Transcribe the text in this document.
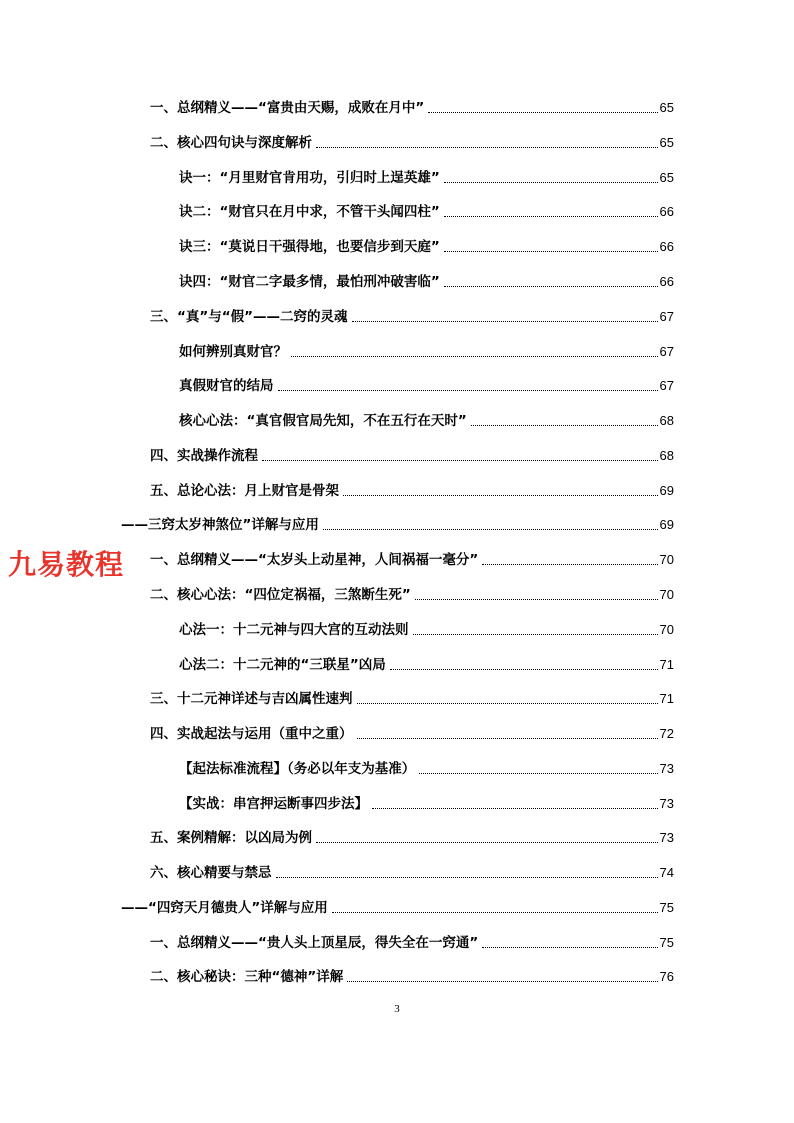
一、总纲精义——“富贵由天赐，成败在月中”	65
二、核心四句诀与深度解析	65
诀一：“月里财官肯用功，引归时上逞英雄”	65
诀二：“财官只在月中求，不管干头闻四柱”	66
诀三：“莫说日干强得地，也要信步到天庭”	66
诀四：“财官二字最多情，最怕刑冲破害临”	66
三、“真”与“假”——二窍的灵魂	67
如何辨别真财官？	67
真假财官的结局	67
核心心法：“真官假官局先知，不在五行在天时”	68
四、实战操作流程	68
五、总论心法：月上财官是骨架	69
——三窍太岁神煞位”详解与应用	69
一、总纲精义——“太岁头上动星神，人间祸福一毫分”	70
二、核心心法：“四位定祸福，三煞断生死”	70
心法一：十二元神与四大宫的互动法则	70
心法二：十二元神的“三联星”凶局	71
三、十二元神详述与吉凶属性速判	71
四、实战起法与运用（重中之重）	72
【起法标准流程】（务必以年支为基准）	73
【实战：串宫押运断事四步法】	73
五、案例精解：以凶局为例	73
六、核心精要与禁忌	74
——“四窍天月德贵人”详解与应用	75
一、总纲精义——“贵人头上顶星辰，得失全在一窍通”	75
二、核心秘诀：三种“德神”详解	76
九易教程
3
